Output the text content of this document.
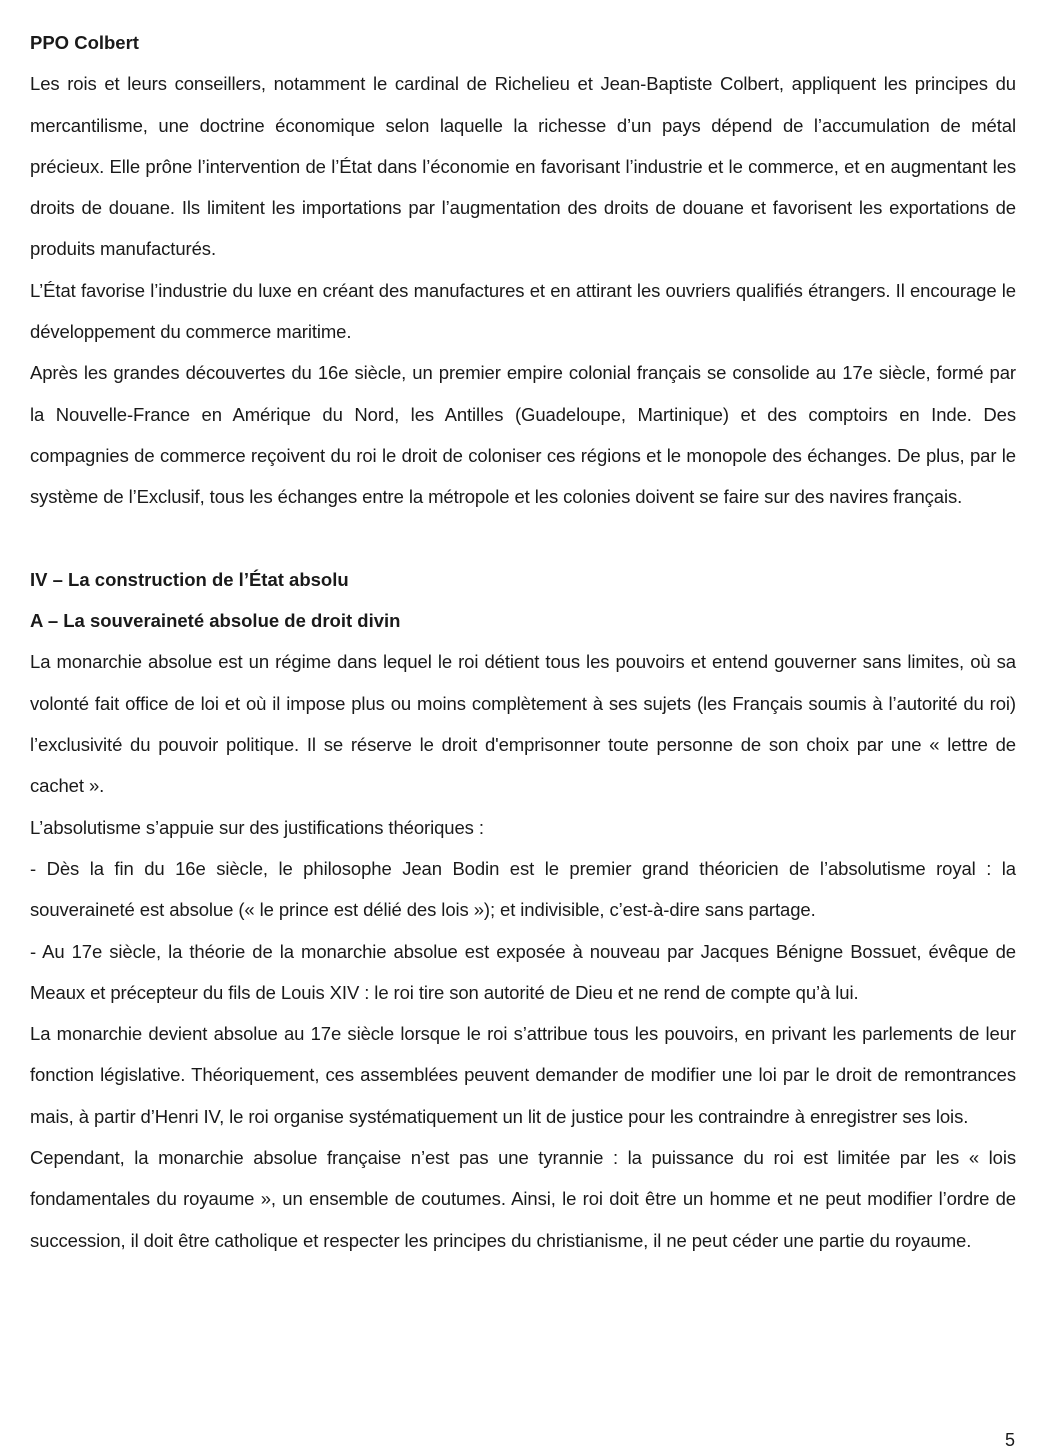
PPO Colbert

Les rois et leurs conseillers, notamment le cardinal de Richelieu et Jean-Baptiste Colbert, appliquent les principes du mercantilisme, une doctrine économique selon laquelle la richesse d’un pays dépend de l’accumulation de métal précieux. Elle prône l’intervention de l’État dans l’économie en favorisant l’industrie et le commerce, et en augmentant les droits de douane. Ils limitent les importations par l’augmentation des droits de douane et favorisent les exportations de produits manufacturés.

L’État favorise l’industrie du luxe en créant des manufactures et en attirant les ouvriers qualifiés étrangers. Il encourage le développement du commerce maritime.

Après les grandes découvertes du 16e siècle, un premier empire colonial français se consolide au 17e siècle, formé par la Nouvelle-France en Amérique du Nord, les Antilles (Guadeloupe, Martinique) et des comptoirs en Inde. Des compagnies de commerce reçoivent du roi le droit de coloniser ces régions et le monopole des échanges. De plus, par le système de l’Exclusif, tous les échanges entre la métropole et les colonies doivent se faire sur des navires français.

IV – La construction de l’État absolu

A – La souveraineté absolue de droit divin

La monarchie absolue est un régime dans lequel le roi détient tous les pouvoirs et entend gouverner sans limites, où sa volonté fait office de loi et où il impose plus ou moins complètement à ses sujets (les Français soumis à l’autorité du roi) l’exclusivité du pouvoir politique. Il se réserve le droit d'emprisonner toute personne de son choix par une « lettre de cachet ».

L’absolutisme s’appuie sur des justifications théoriques :

- Dès la fin du 16e siècle, le philosophe Jean Bodin est le premier grand théoricien de l’absolutisme royal : la souveraineté est absolue (« le prince est délié des lois »); et indivisible, c’est-à-dire sans partage.

- Au 17e siècle, la théorie de la monarchie absolue est exposée à nouveau par Jacques Bénigne Bossuet, évêque de Meaux et précepteur du fils de Louis XIV : le roi tire son autorité de Dieu et ne rend de compte qu’à lui.

La monarchie devient absolue au 17e siècle lorsque le roi s’attribue tous les pouvoirs, en privant les parlements de leur fonction législative. Théoriquement, ces assemblées peuvent demander de modifier une loi par le droit de remontrances mais, à partir d’Henri IV, le roi organise systématiquement un lit de justice pour les contraindre à enregistrer ses lois.

Cependant, la monarchie absolue française n’est pas une tyrannie : la puissance du roi est limitée par les « lois fondamentales du royaume », un ensemble de coutumes. Ainsi, le roi doit être un homme et ne peut modifier l’ordre de succession, il doit être catholique et respecter les principes du christianisme, il ne peut céder une partie du royaume.

5
